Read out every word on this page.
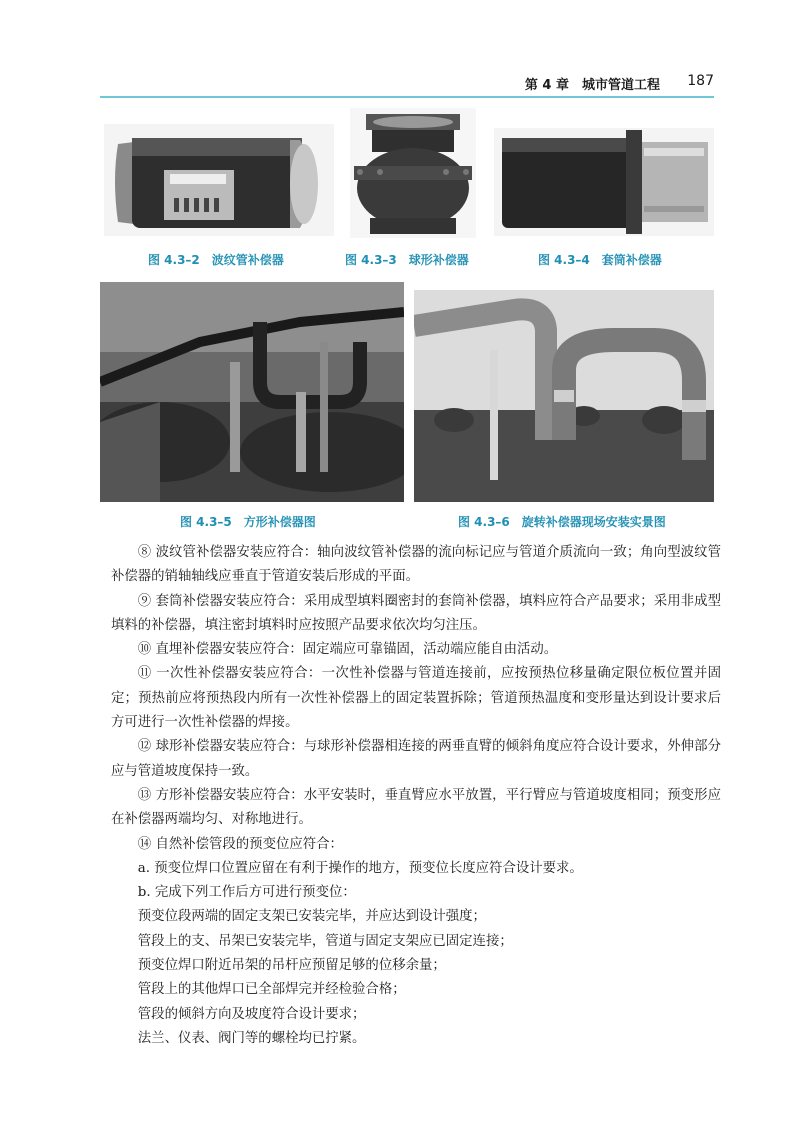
第 4 章　城市管道工程 187
图 4.3–2　波纹管补偿器	图 4.3–3　球形补偿器	图 4.3–4　套筒补偿器
图 4.3–5　方形补偿器图	图 4.3–6　旋转补偿器现场安装实景图

⑧ 波纹管补偿器安装应符合：轴向波纹管补偿器的流向标记应与管道介质流向一致；角向型波纹管补偿器的销轴轴线应垂直于管道安装后形成的平面。

⑨ 套筒补偿器安装应符合：采用成型填料圈密封的套筒补偿器，填料应符合产品要求；采用非成型填料的补偿器，填注密封填料时应按照产品要求依次均匀注压。

⑩ 直埋补偿器安装应符合：固定端应可靠锚固，活动端应能自由活动。

⑪ 一次性补偿器安装应符合：一次性补偿器与管道连接前，应按预热位移量确定限位板位置并固定；预热前应将预热段内所有一次性补偿器上的固定装置拆除；管道预热温度和变形量达到设计要求后方可进行一次性补偿器的焊接。

⑫ 球形补偿器安装应符合：与球形补偿器相连接的两垂直臂的倾斜角度应符合设计要求，外伸部分应与管道坡度保持一致。

⑬ 方形补偿器安装应符合：水平安装时，垂直臂应水平放置，平行臂应与管道坡度相同；预变形应在补偿器两端均匀、对称地进行。

⑭ 自然补偿管段的预变位应符合：

a. 预变位焊口位置应留在有利于操作的地方，预变位长度应符合设计要求。

b. 完成下列工作后方可进行预变位：

预变位段两端的固定支架已安装完毕，并应达到设计强度；

管段上的支、吊架已安装完毕，管道与固定支架应已固定连接；

预变位焊口附近吊架的吊杆应预留足够的位移余量；

管段上的其他焊口已全部焊完并经检验合格；

管段的倾斜方向及坡度符合设计要求；

法兰、仪表、阀门等的螺栓均已拧紧。
